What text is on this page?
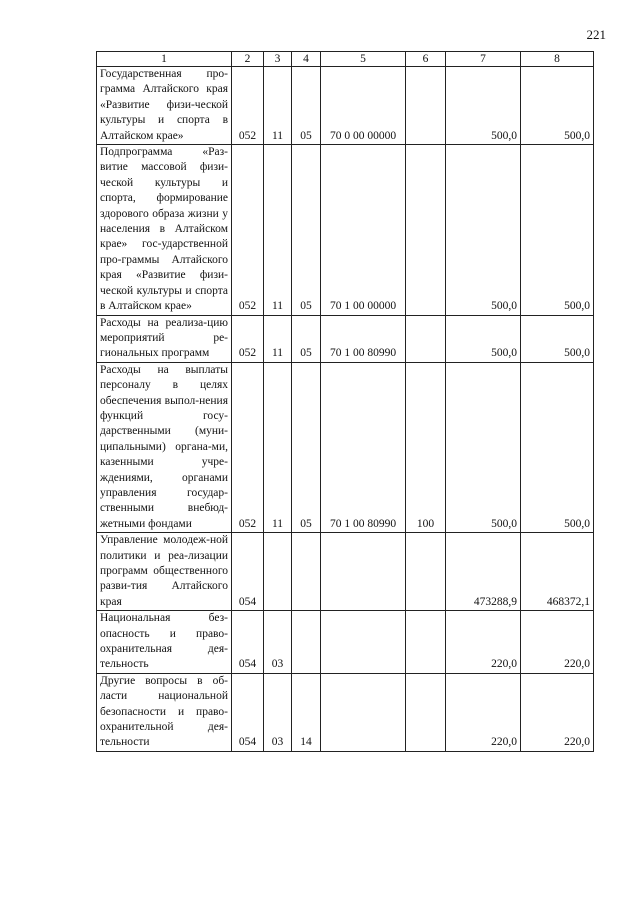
221
1	2	3	4	5	6	7	8
Государственная про-грамма Алтайского края «Развитие физи-ческой культуры и спорта в Алтайском крае»	052	11	05	70 0 00 00000		500,0	500,0
Подпрограмма «Раз-витие массовой физи-ческой культуры и спорта, формирование здорового образа жизни у населения в Алтайском крае» гос-ударственной про-граммы Алтайского края «Развитие физи-ческой культуры и спорта в Алтайском крае»	052	11	05	70 1 00 00000		500,0	500,0
Расходы на реализа-цию мероприятий ре-гиональных программ	052	11	05	70 1 00 80990		500,0	500,0
Расходы на выплаты персоналу в целях обеспечения выпол-нения функций госу-дарственными (муни-ципальными) органа-ми, казенными учре-ждениями, органами управления государ-ственными внебюд-жетными фондами	052	11	05	70 1 00 80990	100	500,0	500,0
Управление молодеж-ной политики и реа-лизации программ общественного разви-тия Алтайского края	054					473288,9	468372,1
Национальная без-опасность и право-охранительная дея-тельность	054	03				220,0	220,0
Другие вопросы в об-ласти национальной безопасности и право-охранительной дея-тельности	054	03	14			220,0	220,0
